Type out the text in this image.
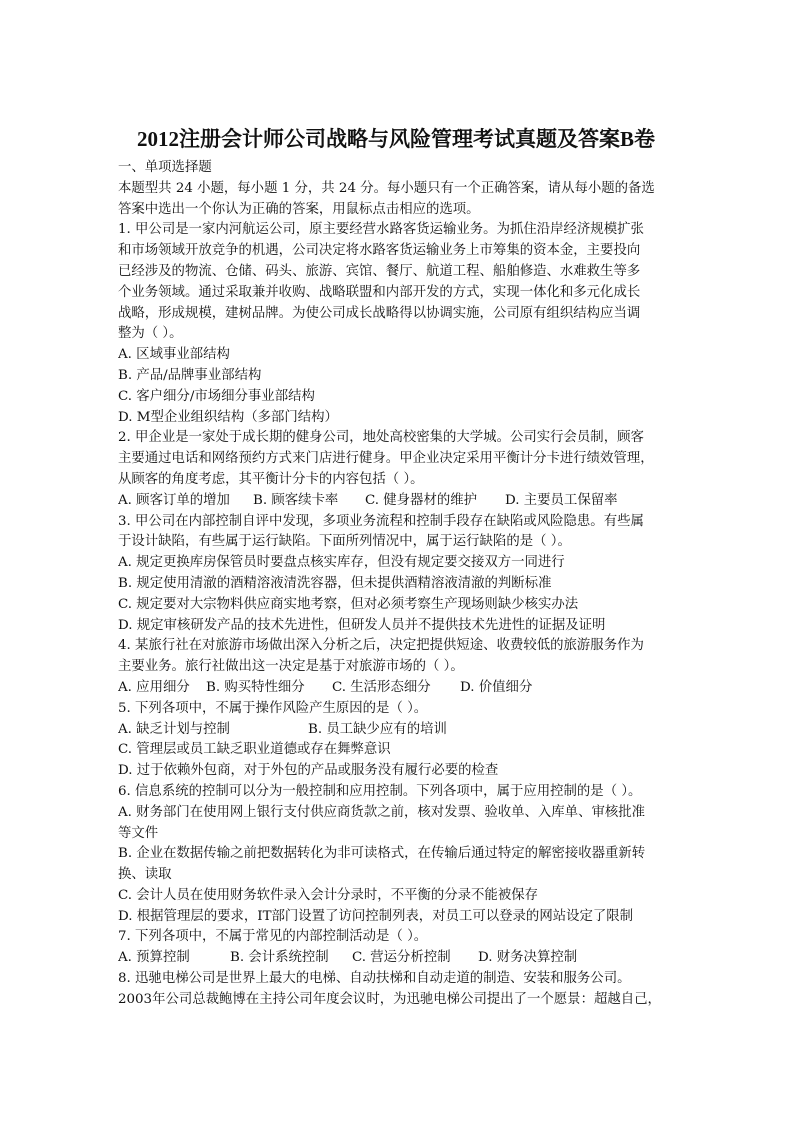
2012注册会计师公司战略与风险管理考试真题及答案B卷
一、单项选择题
本题型共 24 小题，每小题 1 分，共 24 分。每小题只有一个正确答案，请从每小题的备选
答案中选出一个你认为正确的答案，用鼠标点击相应的选项。
1. 甲公司是一家内河航运公司，原主要经营水路客货运输业务。为抓住沿岸经济规模扩张
和市场领域开放竞争的机遇，公司决定将水路客货运输业务上市筹集的资本金，主要投向
已经涉及的物流、仓储、码头、旅游、宾馆、餐厅、航道工程、船舶修造、水难救生等多
个业务领域。通过采取兼并收购、战略联盟和内部开发的方式，实现一体化和多元化成长
战略，形成规模，建树品牌。为使公司成长战略得以协调实施，公司原有组织结构应当调
整为（ ）。
A. 区域事业部结构
B. 产品/品牌事业部结构
C. 客户细分/市场细分事业部结构
D. M型企业组织结构（多部门结构）
2. 甲企业是一家处于成长期的健身公司，地处高校密集的大学城。公司实行会员制，顾客
主要通过电话和网络预约方式来门店进行健身。甲企业决定采用平衡计分卡进行绩效管理，
从顾客的角度考虑，其平衡计分卡的内容包括（ ）。
A. 顾客订单的增加 B. 顾客续卡率 C. 健身器材的维护 D. 主要员工保留率
3. 甲公司在内部控制自评中发现，多项业务流程和控制手段存在缺陷或风险隐患。有些属
于设计缺陷，有些属于运行缺陷。下面所列情况中，属于运行缺陷的是（ ）。
A. 规定更换库房保管员时要盘点核实库存，但没有规定要交接双方一同进行
B. 规定使用清澈的酒精溶液清洗容器，但未提供酒精溶液清澈的判断标准
C. 规定要对大宗物料供应商实地考察，但对必须考察生产现场则缺少核实办法
D. 规定审核研发产品的技术先进性，但研发人员并不提供技术先进性的证据及证明
4. 某旅行社在对旅游市场做出深入分析之后，决定把提供短途、收费较低的旅游服务作为
主要业务。旅行社做出这一决定是基于对旅游市场的（ ）。
A. 应用细分 B. 购买特性细分 C. 生活形态细分 D. 价值细分
5. 下列各项中，不属于操作风险产生原因的是（ ）。
A. 缺乏计划与控制	B. 员工缺少应有的培训
C. 管理层或员工缺乏职业道德或存在舞弊意识
D. 过于依赖外包商，对于外包的产品或服务没有履行必要的检查
6. 信息系统的控制可以分为一般控制和应用控制。下列各项中，属于应用控制的是（ ）。
A. 财务部门在使用网上银行支付供应商货款之前，核对发票、验收单、入库单、审核批准
等文件
B. 企业在数据传输之前把数据转化为非可读格式，在传输后通过特定的解密接收器重新转
换、读取
C. 会计人员在使用财务软件录入会计分录时，不平衡的分录不能被保存
D. 根据管理层的要求，IT部门设置了访问控制列表，对员工可以登录的网站设定了限制
7. 下列各项中，不属于常见的内部控制活动是（ ）。
A. 预算控制	B. 会计系统控制 C. 营运分析控制 D. 财务决算控制
8. 迅驰电梯公司是世界上最大的电梯、自动扶梯和自动走道的制造、安装和服务公司。
2003年公司总裁鲍博在主持公司年度会议时，为迅驰电梯公司提出了一个愿景：超越自己，
